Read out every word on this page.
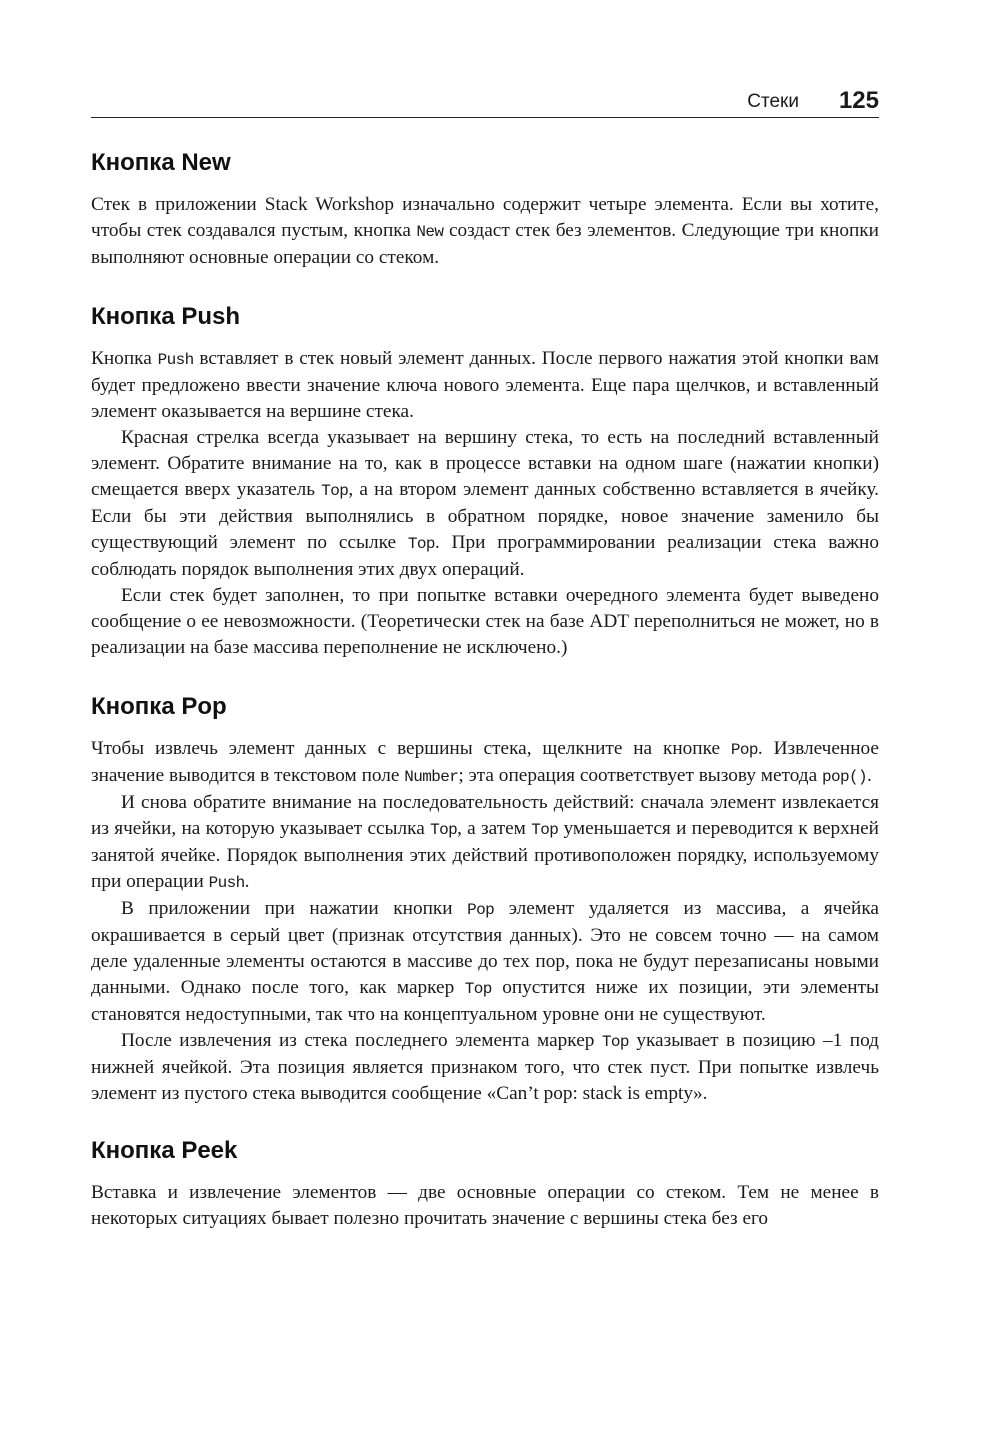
Стеки 125
Кнопка New

Стек в приложении Stack Workshop изначально содержит четыре элемента. Если вы хотите, чтобы стек создавался пустым, кнопка New создаст стек без элементов. Следующие три кнопки выполняют основные операции со стеком.

Кнопка Push

Кнопка Push вставляет в стек новый элемент данных. После первого нажатия этой кнопки вам будет предложено ввести значение ключа нового элемента. Еще пара щелчков, и вставленный элемент оказывается на вершине стека.

Красная стрелка всегда указывает на вершину стека, то есть на последний вставленный элемент. Обратите внимание на то, как в процессе вставки на одном шаге (нажатии кнопки) смещается вверх указатель Top, а на втором элемент данных собственно вставляется в ячейку. Если бы эти действия выполнялись в обратном порядке, новое значение заменило бы существующий элемент по ссылке Top. При программировании реализации стека важно соблюдать порядок выполнения этих двух операций.

Если стек будет заполнен, то при попытке вставки очередного элемента будет выведено сообщение о ее невозможности. (Теоретически стек на базе ADT переполниться не может, но в реализации на базе массива переполнение не исключено.)

Кнопка Pop

Чтобы извлечь элемент данных с вершины стека, щелкните на кнопке Pop. Извлеченное значение выводится в текстовом поле Number; эта операция соответствует вызову метода pop().

И снова обратите внимание на последовательность действий: сначала элемент извлекается из ячейки, на которую указывает ссылка Top, а затем Top уменьшается и переводится к верхней занятой ячейке. Порядок выполнения этих действий противоположен порядку, используемому при операции Push.

В приложении при нажатии кнопки Pop элемент удаляется из массива, а ячейка окрашивается в серый цвет (признак отсутствия данных). Это не совсем точно — на самом деле удаленные элементы остаются в массиве до тех пор, пока не будут перезаписаны новыми данными. Однако после того, как маркер Top опустится ниже их позиции, эти элементы становятся недоступными, так что на концептуальном уровне они не существуют.

После извлечения из стека последнего элемента маркер Top указывает в позицию –1 под нижней ячейкой. Эта позиция является признаком того, что стек пуст. При попытке извлечь элемент из пустого стека выводится сообщение «Can’t pop: stack is empty».

Кнопка Peek

Вставка и извлечение элементов — две основные операции со стеком. Тем не менее в некоторых ситуациях бывает полезно прочитать значение с вершины стека без его
